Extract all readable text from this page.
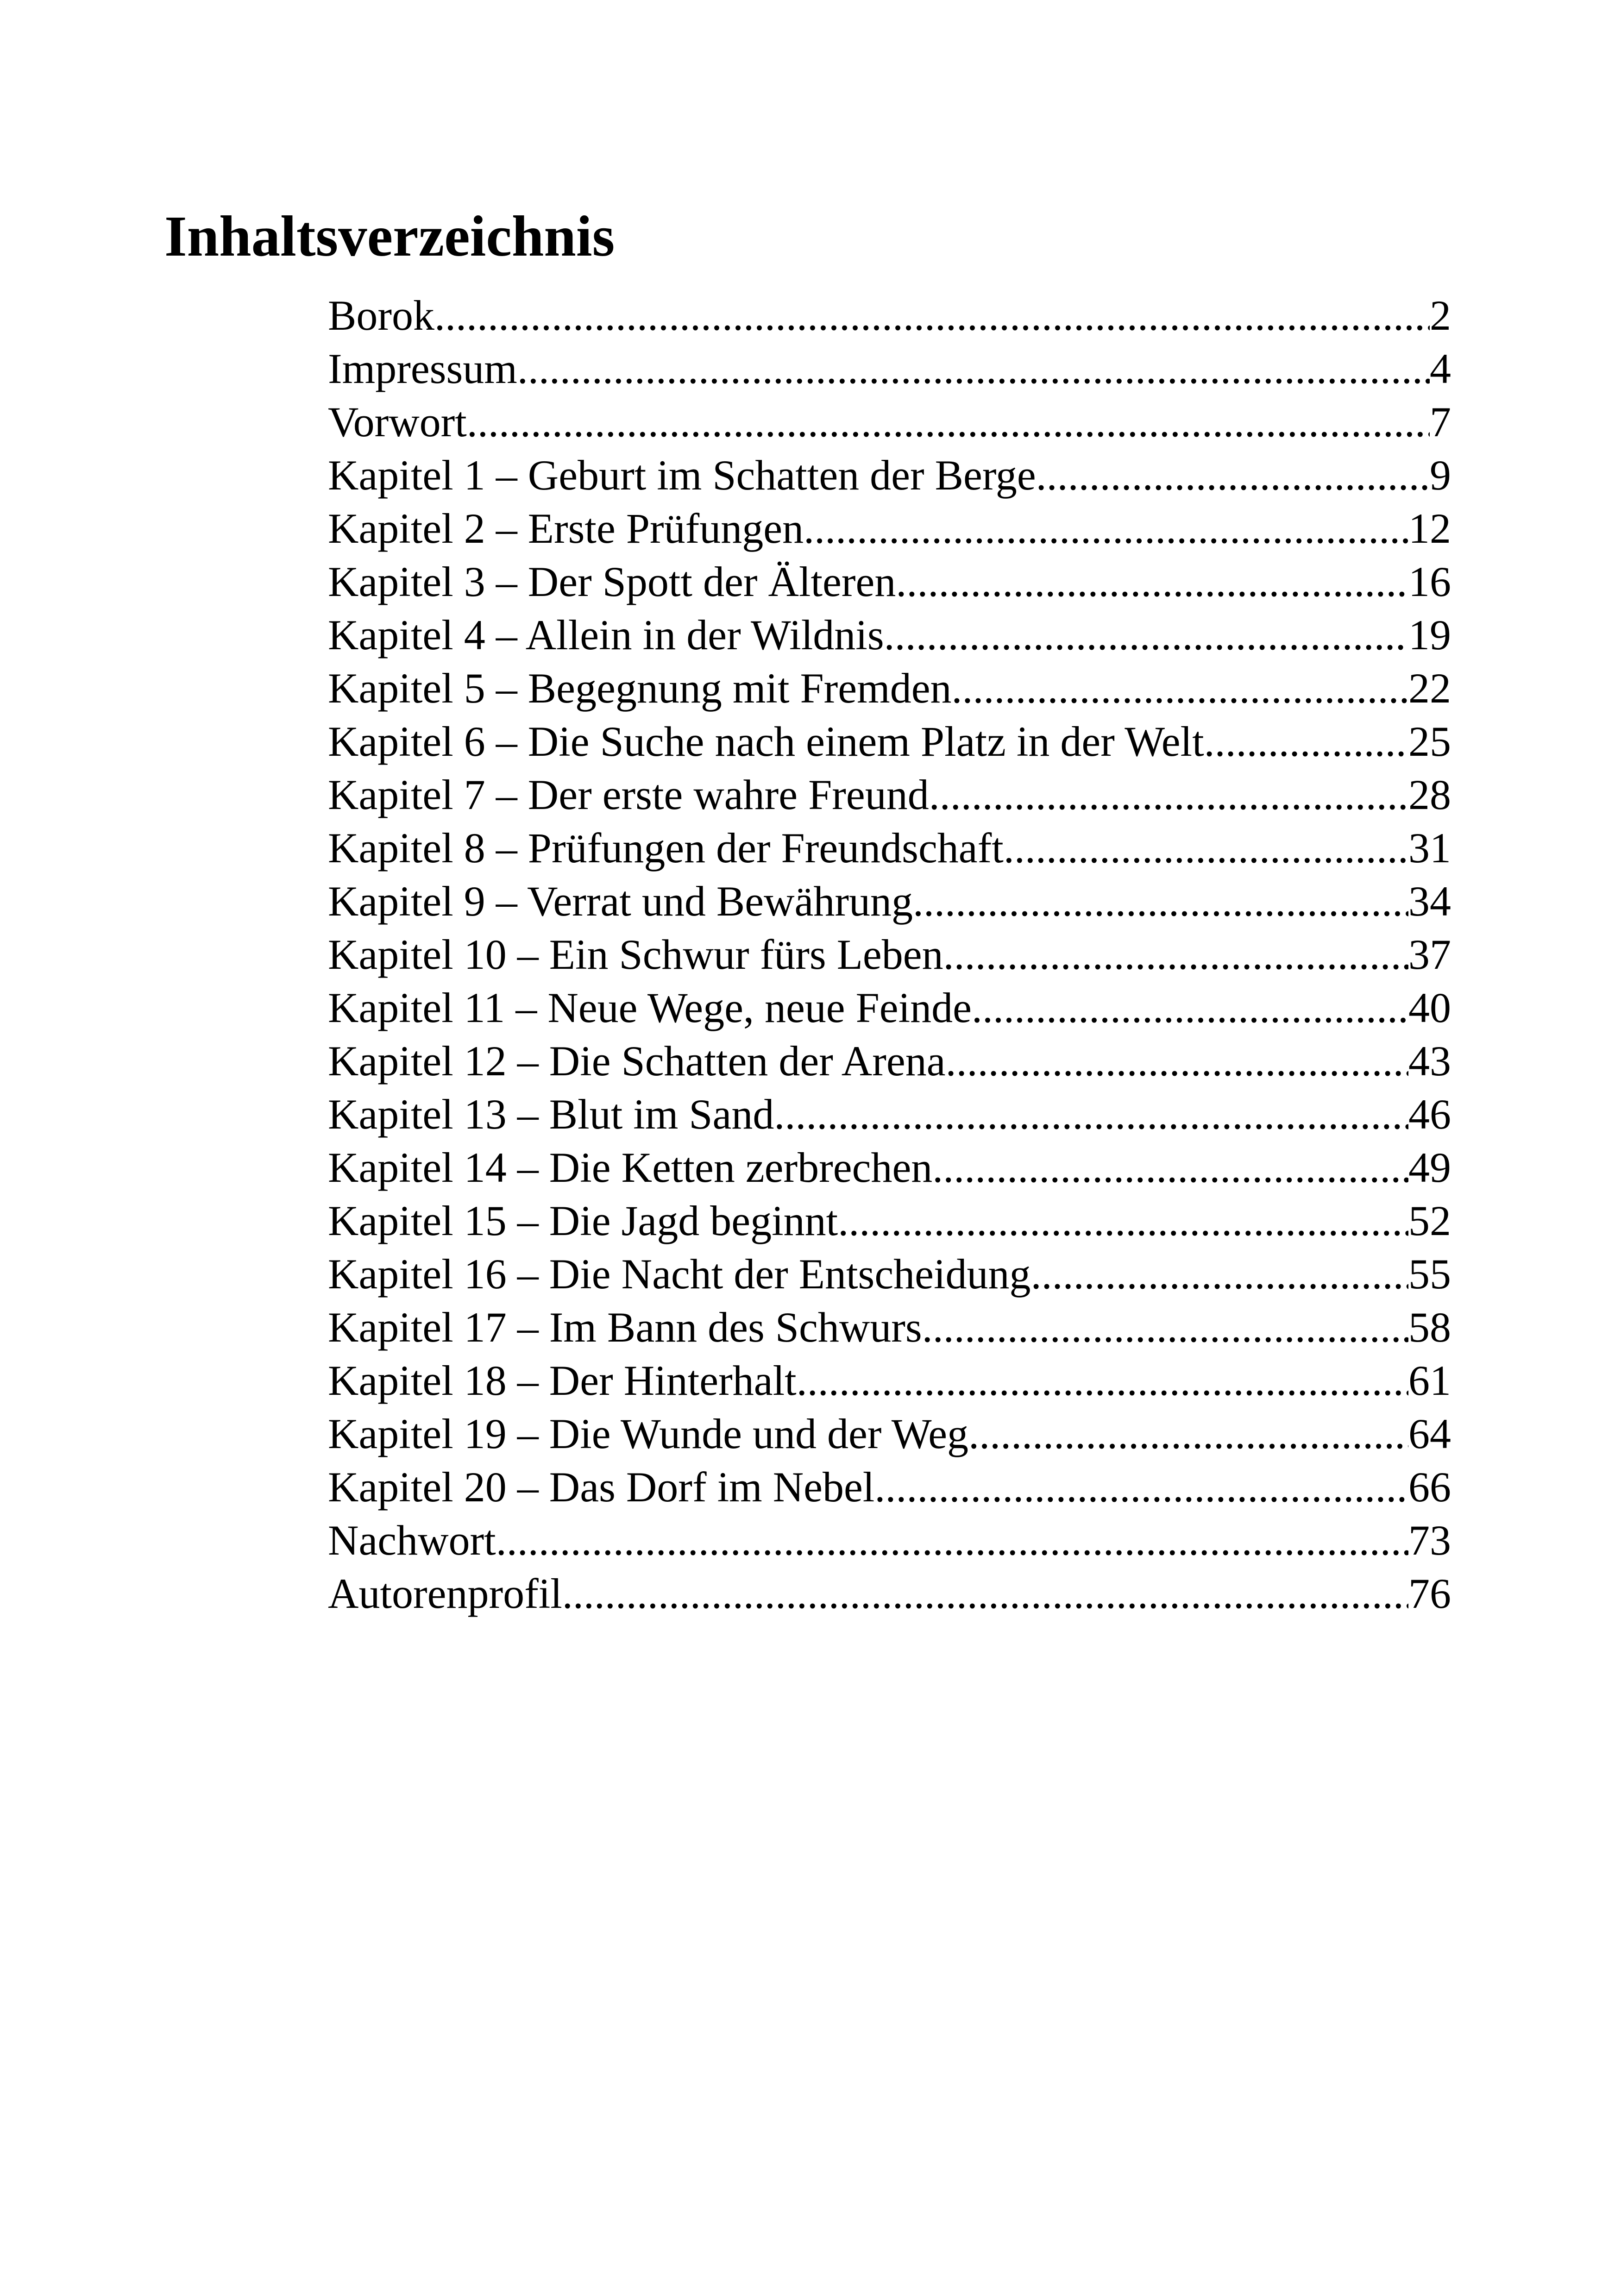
Inhaltsverzeichnis
Borok .....	2
Impressum .....	4
Vorwort .....	7
Kapitel 1 – Geburt im Schatten der Berge .....	9
Kapitel 2 – Erste Prüfungen .....	12
Kapitel 3 – Der Spott der Älteren .....	16
Kapitel 4 – Allein in der Wildnis .....	19
Kapitel 5 – Begegnung mit Fremden .....	22
Kapitel 6 – Die Suche nach einem Platz in der Welt .....	25
Kapitel 7 – Der erste wahre Freund .....	28
Kapitel 8 – Prüfungen der Freundschaft .....	31
Kapitel 9 – Verrat und Bewährung .....	34
Kapitel 10 – Ein Schwur fürs Leben .....	37
Kapitel 11 – Neue Wege, neue Feinde .....	40
Kapitel 12 – Die Schatten der Arena .....	43
Kapitel 13 – Blut im Sand .....	46
Kapitel 14 – Die Ketten zerbrechen .....	49
Kapitel 15 – Die Jagd beginnt .....	52
Kapitel 16 – Die Nacht der Entscheidung .....	55
Kapitel 17 – Im Bann des Schwurs .....	58
Kapitel 18 – Der Hinterhalt .....	61
Kapitel 19 – Die Wunde und der Weg .....	64
Kapitel 20 – Das Dorf im Nebel .....	66
Nachwort .....	73
Autorenprofil .....	76
